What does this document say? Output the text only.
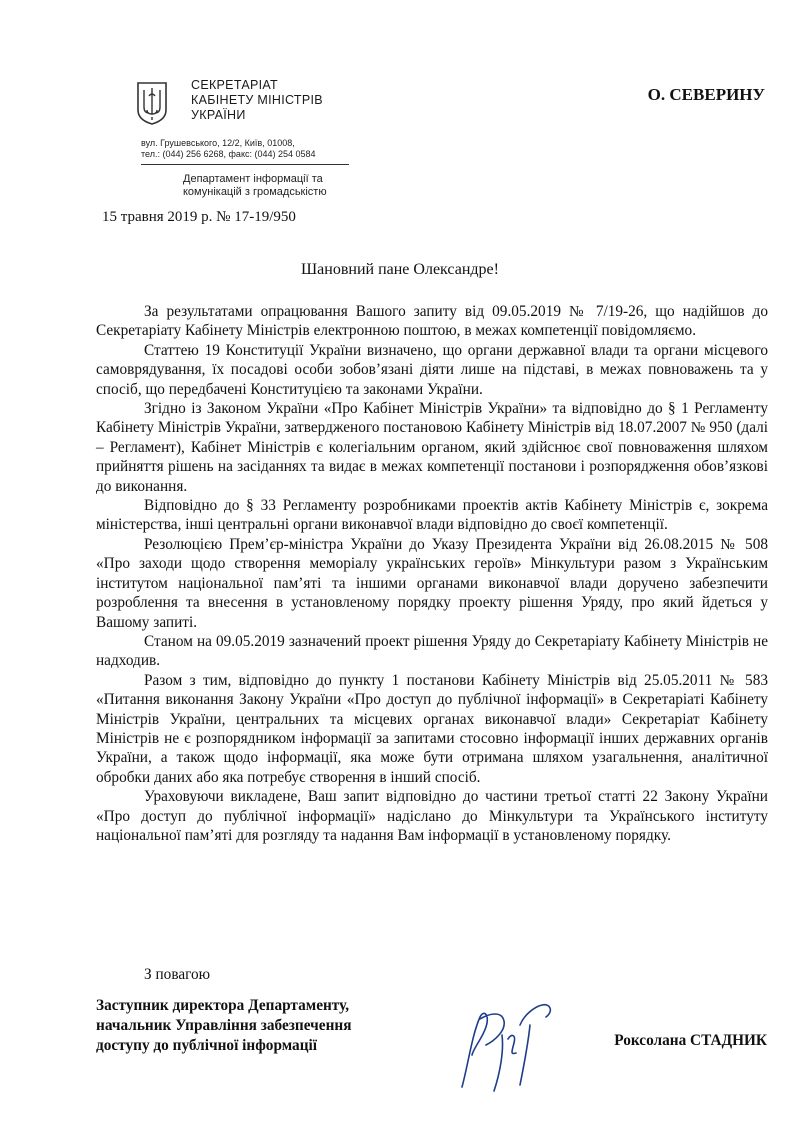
СЕКРЕТАРІАТ
КАБІНЕТУ МІНІСТРІВ
УКРАЇНИ
вул. Грушевського, 12/2, Київ, 01008,
тел.: (044) 256 6268, факс: (044) 254 0584
Департамент інформації та
комунікацій з громадськістю
О. СЕВЕРИНУ
15 травня 2019 р. № 17-19/950
Шановний пане Олександре!

За результатами опрацювання Вашого запиту від 09.05.2019 № 7/19-26, що надійшов до Секретаріату Кабінету Міністрів електронною поштою, в межах компетенції повідомляємо.

Статтею 19 Конституції України визначено, що органи державної влади та органи місцевого самоврядування, їх посадові особи зобов’язані діяти лише на підставі, в межах повноважень та у спосіб, що передбачені Конституцією та законами України.

Згідно із Законом України «Про Кабінет Міністрів України» та відповідно до § 1 Регламенту Кабінету Міністрів України, затвердженого постановою Кабінету Міністрів від 18.07.2007 № 950 (далі – Регламент), Кабінет Міністрів є колегіальним органом, який здійснює свої повноваження шляхом прийняття рішень на засіданнях та видає в межах компетенції постанови і розпорядження обов’язкові до виконання.

Відповідно до § 33 Регламенту розробниками проектів актів Кабінету Міністрів є, зокрема міністерства, інші центральні органи виконавчої влади відповідно до своєї компетенції.

Резолюцією Прем’єр-міністра України до Указу Президента України від 26.08.2015 № 508 «Про заходи щодо створення меморіалу українських героїв» Мінкультури разом з Українським інститутом національної пам’яті та іншими органами виконавчої влади доручено забезпечити розроблення та внесення в установленому порядку проекту рішення Уряду, про який йдеться у Вашому запиті.

Станом на 09.05.2019 зазначений проект рішення Уряду до Секретаріату Кабінету Міністрів не надходив.

Разом з тим, відповідно до пункту 1 постанови Кабінету Міністрів від 25.05.2011 № 583 «Питання виконання Закону України «Про доступ до публічної інформації» в Секретаріаті Кабінету Міністрів України, центральних та місцевих органах виконавчої влади» Секретаріат Кабінету Міністрів не є розпорядником інформації за запитами стосовно інформації інших державних органів України, а також щодо інформації, яка може бути отримана шляхом узагальнення, аналітичної обробки даних або яка потребує створення в інший спосіб.

Ураховуючи викладене, Ваш запит відповідно до частини третьої статті 22 Закону України «Про доступ до публічної інформації» надіслано до Мінкультури та Українського інституту національної пам’яті для розгляду та надання Вам інформації в установленому порядку.

З повагою
Заступник директора Департаменту,
начальник Управління забезпечення
доступу до публічної інформації	Роксолана СТАДНИК
